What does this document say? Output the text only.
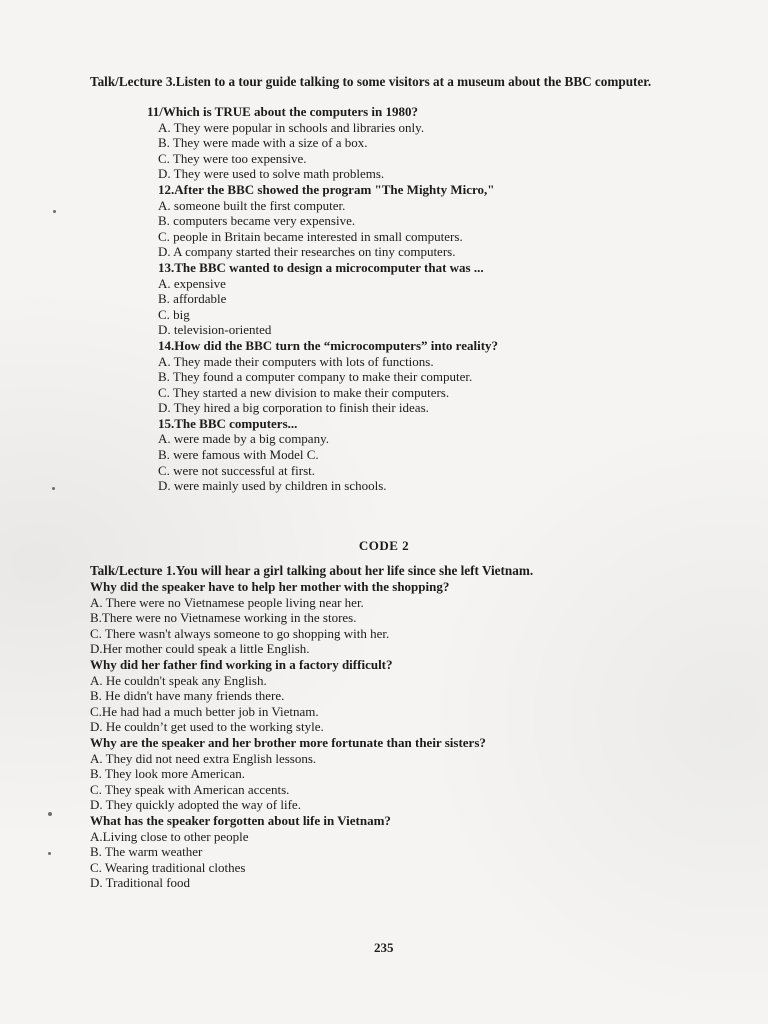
Talk/Lecture 3.Listen to a tour guide talking to some visitors at a museum about the BBC computer.
11/Which is TRUE about the computers in 1980?
A. They were popular in schools and libraries only.
B. They were made with a size of a box.
C. They were too expensive.
D. They were used to solve math problems.
12.After the BBC showed the program "The Mighty Micro,"
A. someone built the first computer.
B. computers became very expensive.
C. people in Britain became interested in small computers.
D. A company started their researches on tiny computers.
13.The BBC wanted to design a microcomputer that was ...
A. expensive
B. affordable
C. big
D. television-oriented
14.How did the BBC turn the “microcomputers” into reality?
A. They made their computers with lots of functions.
B. They found a computer company to make their computer.
C. They started a new division to make their computers.
D. They hired a big corporation to finish their ideas.
15.The BBC computers...
A. were made by a big company.
B. were famous with Model C.
C. were not successful at first.
D. were mainly used by children in schools.
CODE 2
Talk/Lecture 1.You will hear a girl talking about her life since she left Vietnam.
Why did the speaker have to help her mother with the shopping?
A. There were no Vietnamese people living near her.
B.There were no Vietnamese working in the stores.
C. There wasn't always someone to go shopping with her.
D.Her mother could speak a little English.
Why did her father find working in a factory difficult?
A. He couldn't speak any English.
B. He didn't have many friends there.
C.He had had a much better job in Vietnam.
D. He couldn’t get used to the working style.
Why are the speaker and her brother more fortunate than their sisters?
A. They did not need extra English lessons.
B. They look more American.
C. They speak with American accents.
D. They quickly adopted the way of life.
What has the speaker forgotten about life in Vietnam?
A.Living close to other people
B. The warm weather
C. Wearing traditional clothes
D. Traditional food
235
